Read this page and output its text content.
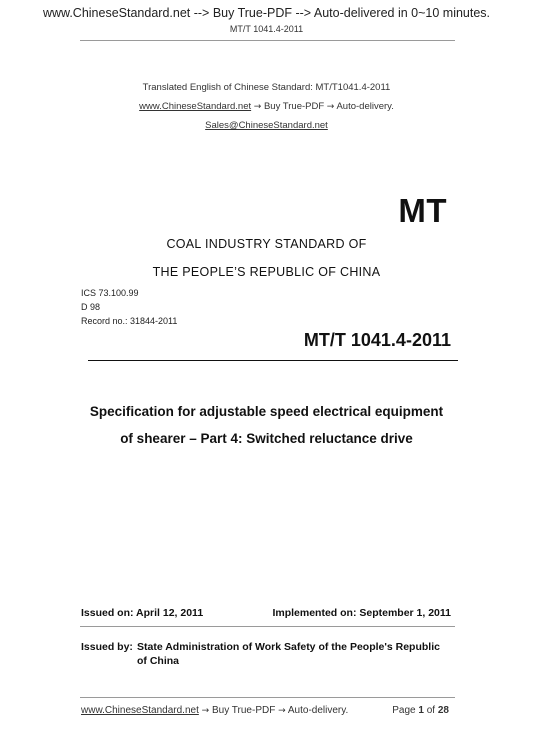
www.ChineseStandard.net --> Buy True-PDF --> Auto-delivered in 0~10 minutes.
MT/T 1041.4-2011
Translated English of Chinese Standard: MT/T1041.4-2011
www.ChineseStandard.net → Buy True-PDF → Auto-delivery.
Sales@ChineseStandard.net
MT
COAL INDUSTRY STANDARD OF
THE PEOPLE’S REPUBLIC OF CHINA
ICS 73.100.99
D 98
Record no.: 31844-2011
MT/T 1041.4-2011
Specification for adjustable speed electrical equipment
of shearer – Part 4: Switched reluctance drive
Issued on: April 12, 2011	Implemented on: September 1, 2011
Issued by: State Administration of Work Safety of the People's Republic
of China
www.ChineseStandard.net → Buy True-PDF → Auto-delivery.	Page 1 of 28
